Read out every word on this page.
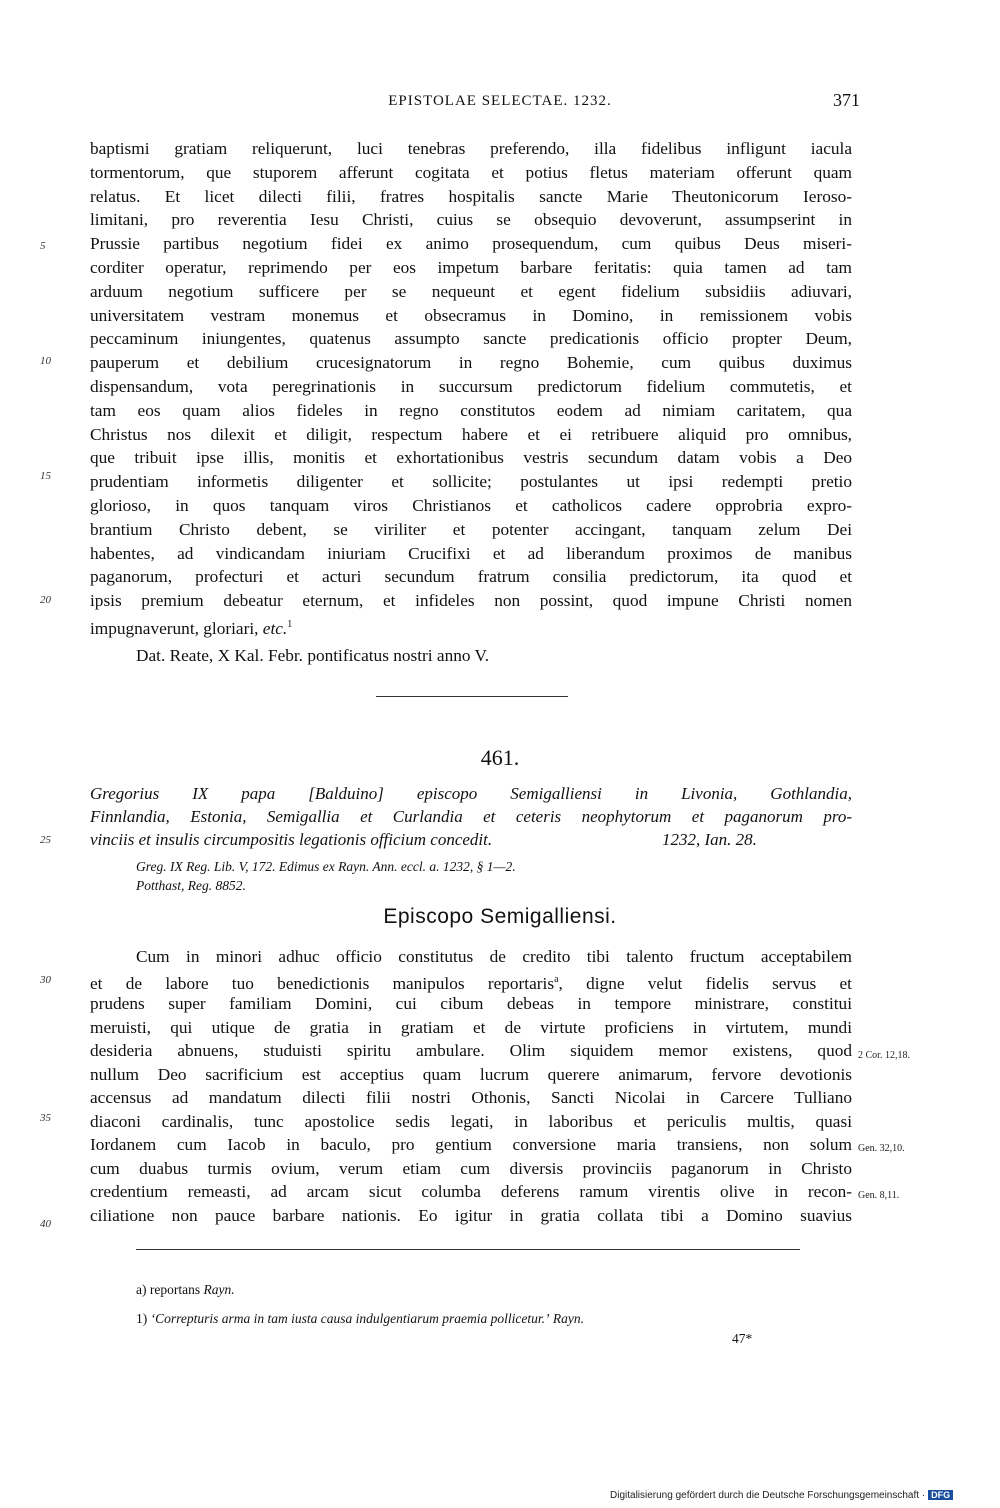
EPISTOLAE SELECTAE. 1232.	371
baptismi gratiam reliquerunt, luci tenebras preferendo, illa fidelibus infligunt iacula
tormentorum, que stuporem afferunt cogitata et potius fletus materiam offerunt quam
relatus. Et licet dilecti filii, fratres hospitalis sancte Marie Theutonicorum Ieroso-
limitani, pro reverentia Iesu Christi, cuius se obsequio devoverunt, assumpserint in
Prussie partibus negotium fidei ex animo prosequendum, cum quibus Deus miseri-
corditer operatur, reprimendo per eos impetum barbare feritatis: quia tamen ad tam
arduum negotium sufficere per se nequeunt et egent fidelium subsidiis adiuvari,
universitatem vestram monemus et obsecramus in Domino, in remissionem vobis
peccaminum iniungentes, quatenus assumpto sancte predicationis officio propter Deum,
pauperum et debilium crucesignatorum in regno Bohemie, cum quibus duximus
dispensandum, vota peregrinationis in succursum predictorum fidelium commutetis, et
tam eos quam alios fideles in regno constitutos eodem ad nimiam caritatem, qua
Christus nos dilexit et diligit, respectum habere et ei retribuere aliquid pro omnibus,
que tribuit ipse illis, monitis et exhortationibus vestris secundum datam vobis a Deo
prudentiam informetis diligenter et sollicite; postulantes ut ipsi redempti pretio
glorioso, in quos tanquam viros Christianos et catholicos cadere opprobria expro-
brantium Christo debent, se viriliter et potenter accingant, tanquam zelum Dei
habentes, ad vindicandam iniuriam Crucifixi et ad liberandum proximos de manibus
paganorum, profecturi et acturi secundum fratrum consilia predictorum, ita quod et
ipsis premium debeatur eternum, et infideles non possint, quod impune Christi nomen
impugnaverunt, gloriari, etc.$^1$
Dat. Reate, X Kal. Febr. pontificatus nostri anno V.
5
10
15
20
461.
Gregorius IX papa [Balduino] episcopo Semigalliensi in Livonia, Gothlandia,
Finnlandia, Estonia, Semigallia et Curlandia et ceteris neophytorum et paganorum pro-
vinciis et insulis circumpositis legationis officium concedit.	1232, Ian. 28.
25
Greg. IX Reg. Lib. V, 172. Edimus ex Rayn. Ann. eccl. a. 1232, § 1—2.
Potthast, Reg. 8852.
Episcopo Semigalliensi.
Cum in minori adhuc officio constitutus de credito tibi talento fructum acceptabilem
et de labore tuo benedictionis manipulos reportaris$^a$, digne velut fidelis servus et
prudens super familiam Domini, cui cibum debeas in tempore ministrare, constitui
meruisti, qui utique de gratia in gratiam et de virtute proficiens in virtutem, mundi
desideria abnuens, studuisti spiritu ambulare. Olim siquidem memor existens, quod
nullum Deo sacrificium est acceptius quam lucrum querere animarum, fervore devotionis
accensus ad mandatum dilecti filii nostri Othonis, Sancti Nicolai in Carcere Tulliano
diaconi cardinalis, tunc apostolice sedis legati, in laboribus et periculis multis, quasi
Iordanem cum Iacob in baculo, pro gentium conversione maria transiens, non solum
cum duabus turmis ovium, verum etiam cum diversis provinciis paganorum in Christo
credentium remeasti, ad arcam sicut columba deferens ramum virentis olive in recon-
ciliatione non pauce barbare nationis. Eo igitur in gratia collata tibi a Domino suavius
30
35
40
2 Cor. 12,18.
Gen. 32,10.
Gen. 8,11.
a) reportans Rayn.
1) ‘Correpturis arma in tam iusta causa indulgentiarum praemia pollicetur.’ Rayn.
47*
Digitalisierung gefördert durch die Deutsche Forschungsgemeinschaft · DFG
